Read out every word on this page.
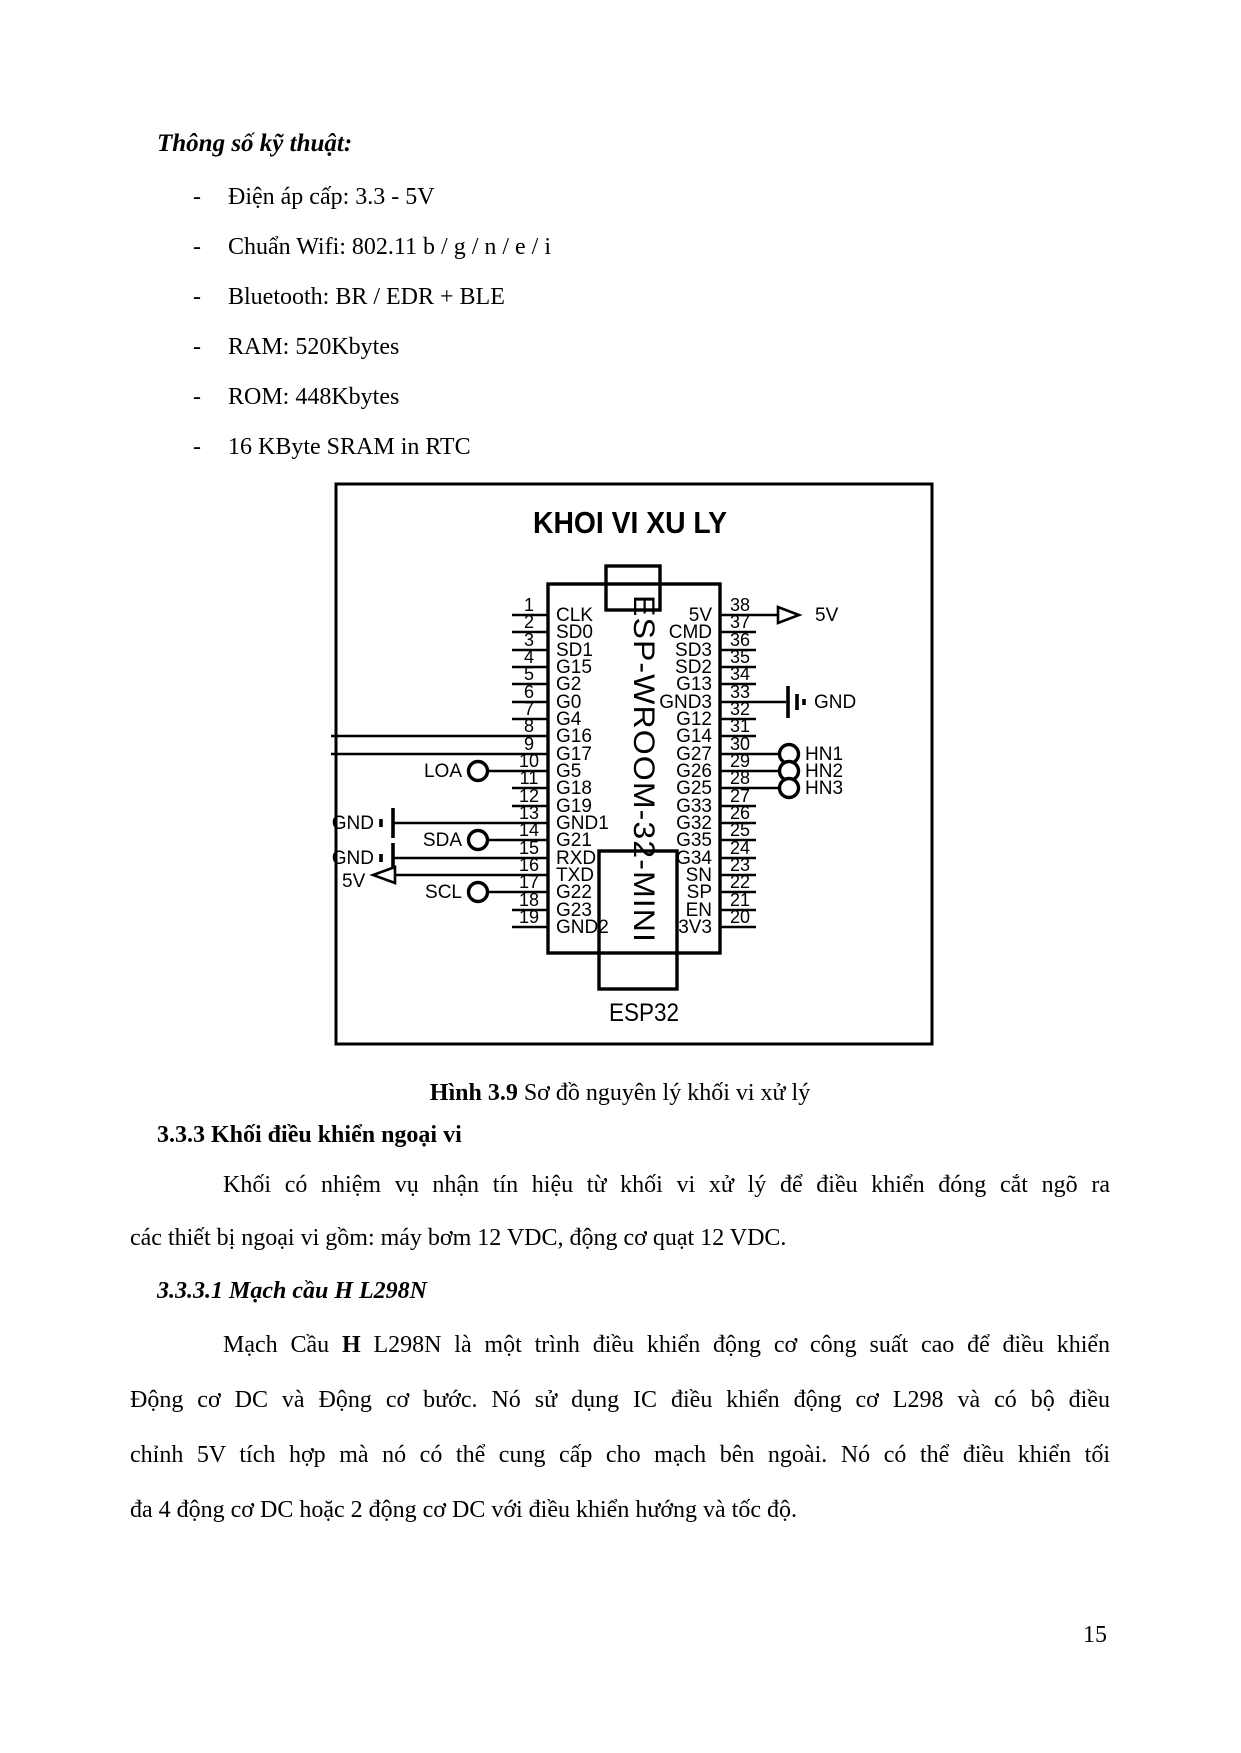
Thông số kỹ thuật:
- Điện áp cấp: 3.3 - 5V
- Chuẩn Wifi: 802.11 b / g / n / e / i
- Bluetooth: BR / EDR + BLE
- RAM: 520Kbytes
- ROM: 448Kbytes
- 16 KByte SRAM in RTC
KHOI VI XU LY
ESP-WROOM-32-MINI
ESP32
1
2
3
4
5
6
7
8
9
10
11
12
13
14
15
16
17
18
19
CLK
SD0
SD1
G15
G2
G0
G4
G16
G17
G5
G18
G19
GND1
G21
RXD
TXD
G22
G23
GND2
38
37
36
35
34
33
32
31
30
29
28
27
26
25
24
23
22
21
20
5V
CMD
SD3
SD2
G13
GND3
G12
G14
G27
G26
G25
G33
G32
G35
G34
SN
SP
EN
3V3
LOA
SDA
SCL
GND
GND
5V
5V
GND
HN1
HN2
HN3
Hình 3.9 Sơ đồ nguyên lý khối vi xử lý
3.3.3 Khối điều khiển ngoại vi
Khối có nhiệm vụ nhận tín hiệu từ khối vi xử lý để điều khiển đóng cắt ngõ ra
các thiết bị ngoại vi gồm: máy bơm 12 VDC, động cơ quạt 12 VDC.
3.3.3.1 Mạch cầu H L298N
Mạch Cầu H L298N là một trình điều khiển động cơ công suất cao để điều khiển
Động cơ DC và Động cơ bước. Nó sử dụng IC điều khiển động cơ L298 và có bộ điều
chỉnh 5V tích hợp mà nó có thể cung cấp cho mạch bên ngoài. Nó có thể điều khiển tối
đa 4 động cơ DC hoặc 2 động cơ DC với điều khiển hướng và tốc độ.
15
